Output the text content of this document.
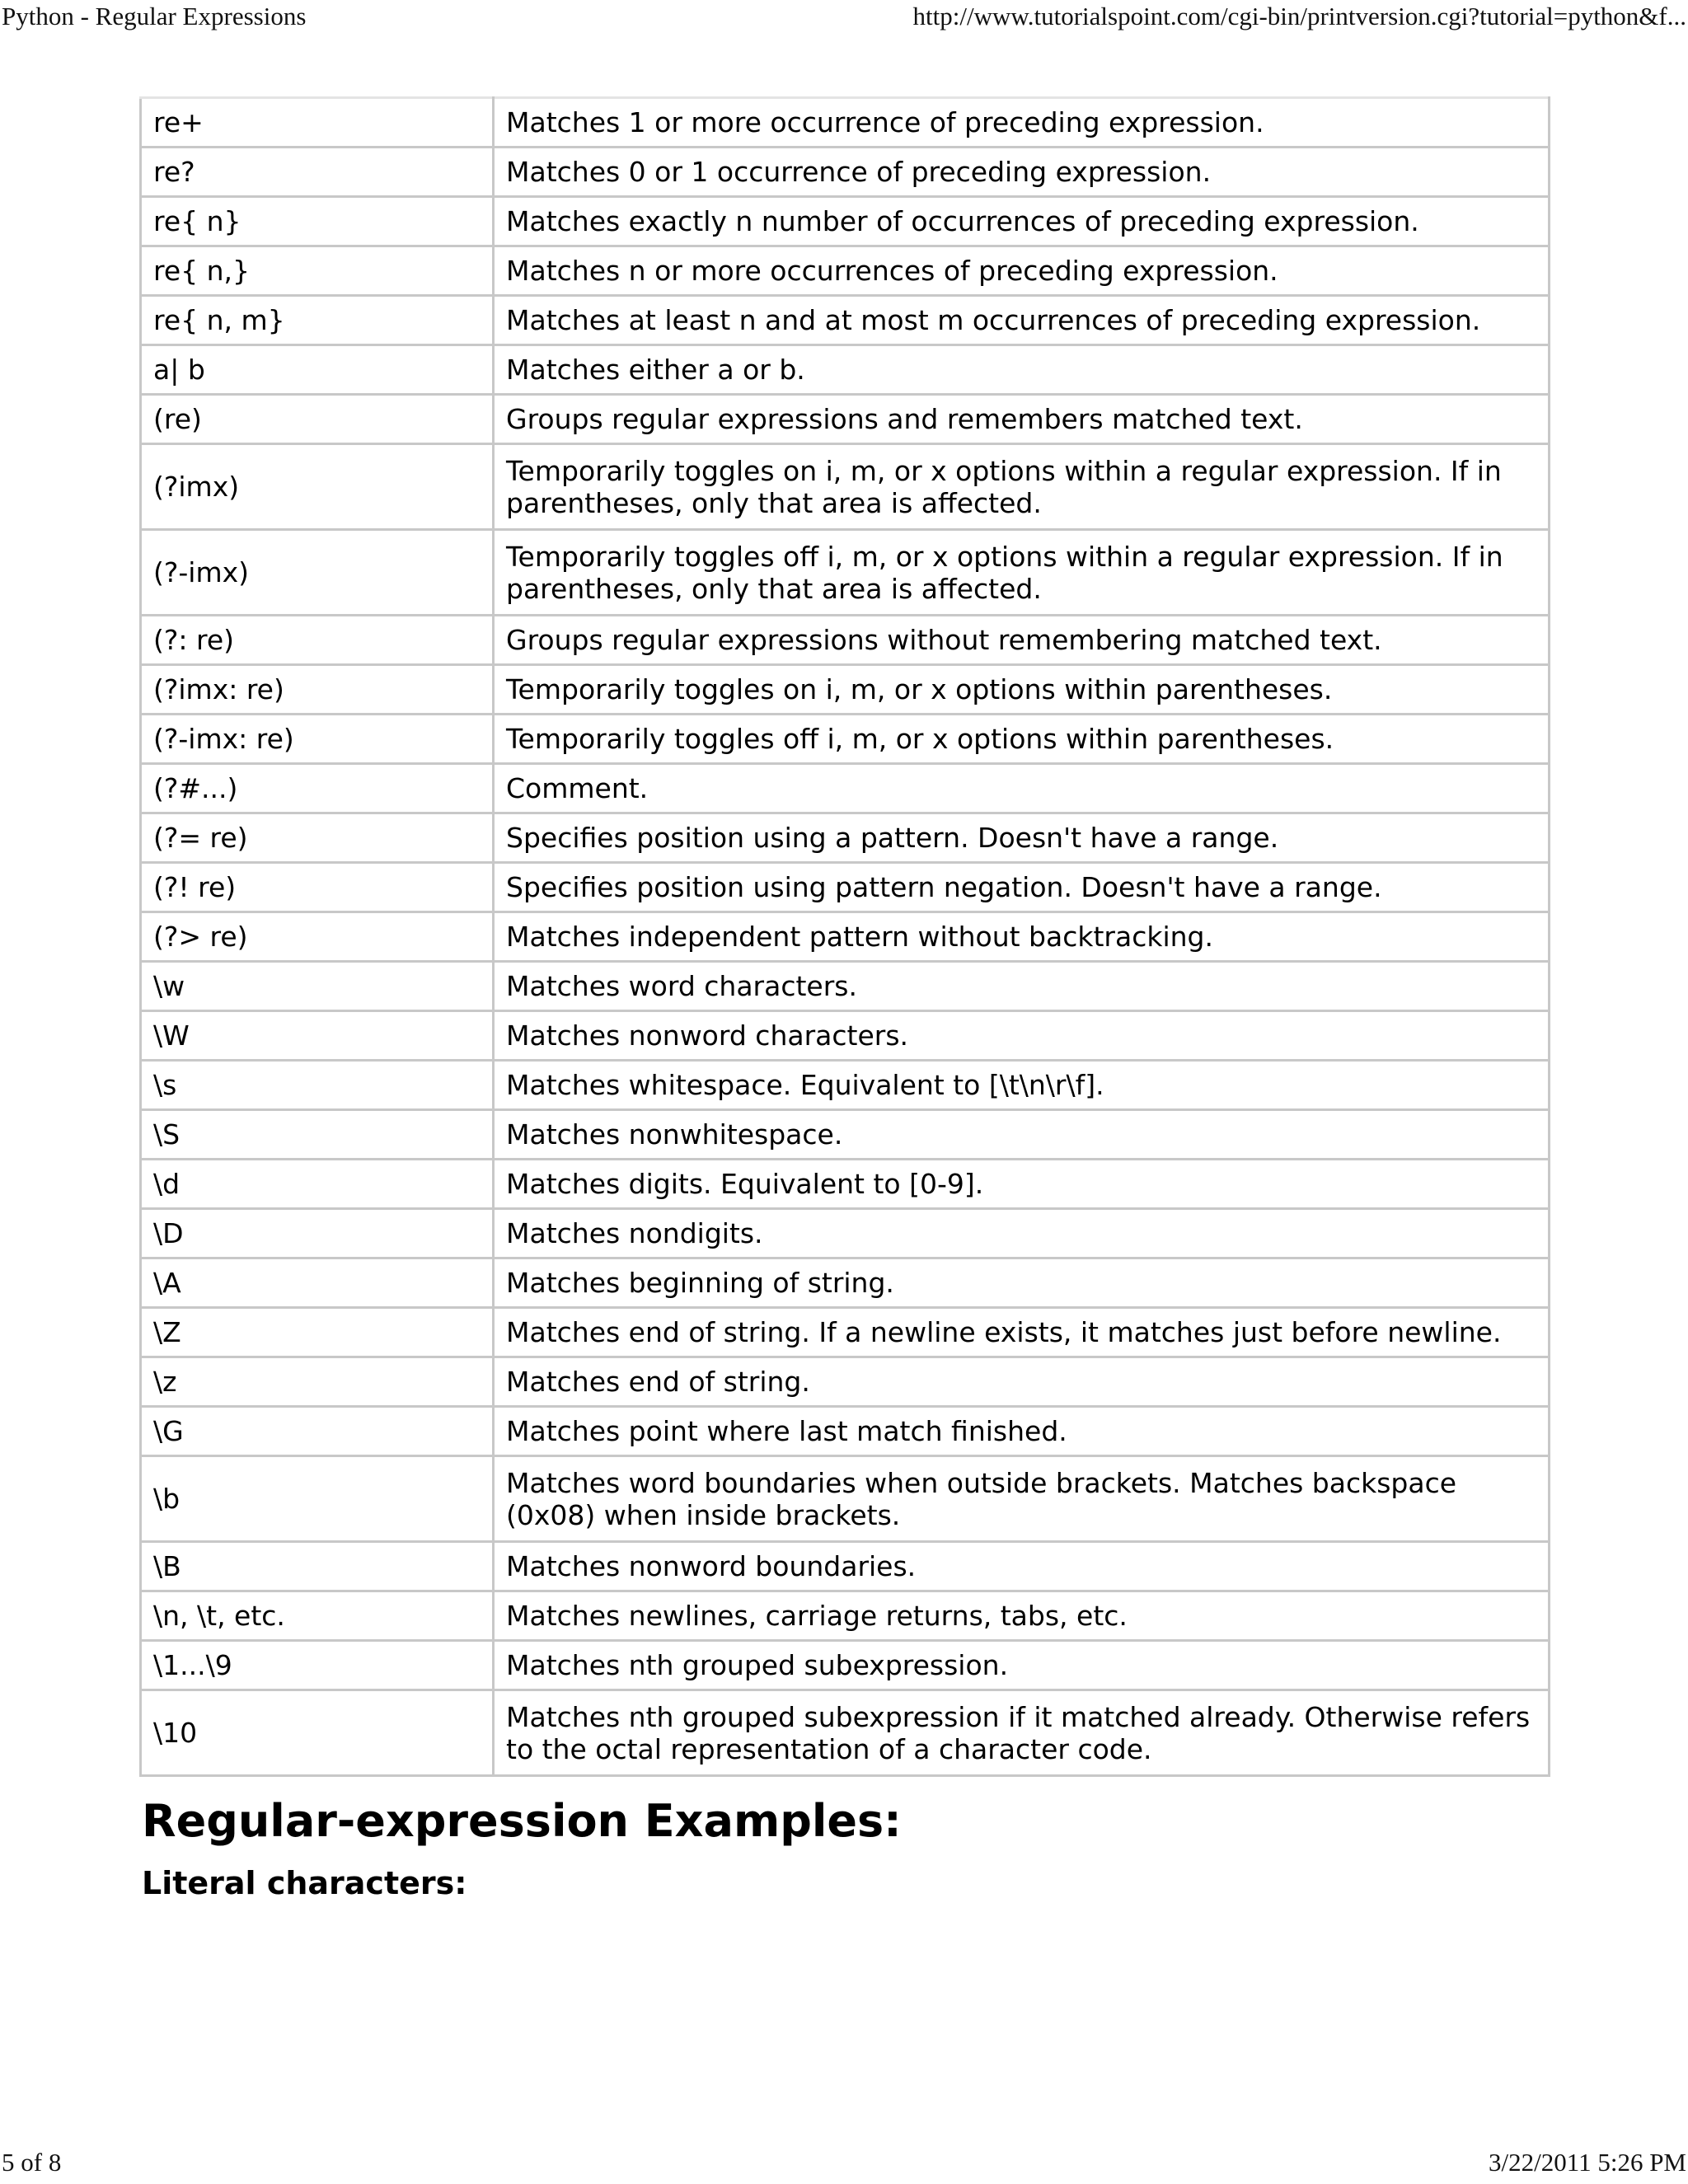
Python - Regular Expressions	http://www.tutorialspoint.com/cgi-bin/printversion.cgi?tutorial=python&f...
re+	Matches 1 or more occurrence of preceding expression.
re?	Matches 0 or 1 occurrence of preceding expression.
re{ n}	Matches exactly n number of occurrences of preceding expression.
re{ n,}	Matches n or more occurrences of preceding expression.
re{ n, m}	Matches at least n and at most m occurrences of preceding expression.
a| b	Matches either a or b.
(re)	Groups regular expressions and remembers matched text.
(?imx)	Temporarily toggles on i, m, or x options within a regular expression. If in parentheses, only that area is affected.
(?-imx)	Temporarily toggles off i, m, or x options within a regular expression. If in parentheses, only that area is affected.
(?: re)	Groups regular expressions without remembering matched text.
(?imx: re)	Temporarily toggles on i, m, or x options within parentheses.
(?-imx: re)	Temporarily toggles off i, m, or x options within parentheses.
(?#...)	Comment.
(?= re)	Specifies position using a pattern. Doesn't have a range.
(?! re)	Specifies position using pattern negation. Doesn't have a range.
(?> re)	Matches independent pattern without backtracking.
\w	Matches word characters.
\W	Matches nonword characters.
\s	Matches whitespace. Equivalent to [\t\n\r\f].
\S	Matches nonwhitespace.
\d	Matches digits. Equivalent to [0-9].
\D	Matches nondigits.
\A	Matches beginning of string.
\Z	Matches end of string. If a newline exists, it matches just before newline.
\z	Matches end of string.
\G	Matches point where last match finished.
\b	Matches word boundaries when outside brackets. Matches backspace (0x08) when inside brackets.
\B	Matches nonword boundaries.
\n, \t, etc.	Matches newlines, carriage returns, tabs, etc.
\1...\9	Matches nth grouped subexpression.
\10	Matches nth grouped subexpression if it matched already. Otherwise refers to the octal representation of a character code.
Regular-expression Examples:
Literal characters:
5 of 8	3/22/2011 5:26 PM
